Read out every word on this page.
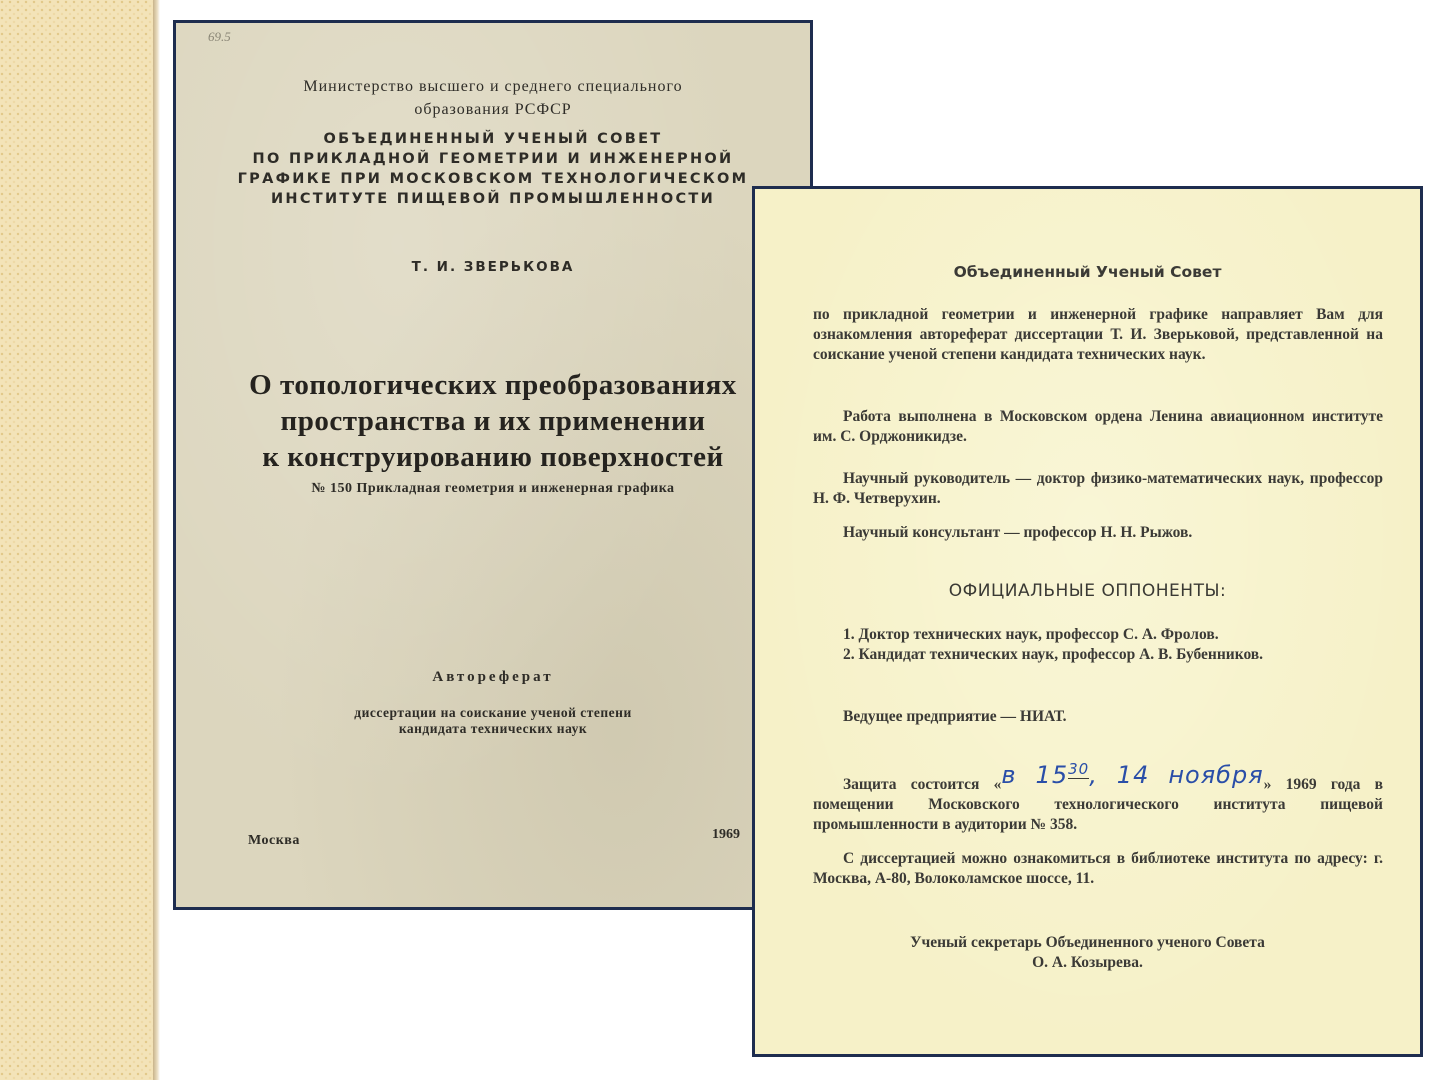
69.5
Министерство высшего и среднего специального
образования РСФСР
ОБЪЕДИНЕННЫЙ УЧЕНЫЙ СОВЕТ
ПО ПРИКЛАДНОЙ ГЕОМЕТРИИ И ИНЖЕНЕРНОЙ
ГРАФИКЕ ПРИ МОСКОВСКОМ ТЕХНОЛОГИЧЕСКОМ
ИНСТИТУТЕ ПИЩЕВОЙ ПРОМЫШЛЕННОСТИ
Т. И. ЗВЕРЬКОВА
О топологических преобразованиях
пространства и их применении
к конструированию поверхностей
№ 150 Прикладная геометрия и инженерная графика
Автореферат
диссертации на соискание ученой степени
кандидата технических наук
Москва	1969
Объединенный Ученый Совет
по прикладной геометрии и инженерной графике направляет Вам для ознакомления автореферат диссертации Т. И. Зверьковой, представленной на соискание ученой степени кандидата технических наук.
Работа выполнена в Московском ордена Ленина авиационном институте им. С. Орджоникидзе.
Научный руководитель — доктор физико-математических наук, профессор Н. Ф. Четверухин.
Научный консультант — профессор Н. Н. Рыжов.
ОФИЦИАЛЬНЫЕ ОППОНЕНТЫ:
1. Доктор технических наук, профессор С. А. Фролов.
2. Кандидат технических наук, профессор А. В. Бубенников.
Ведущее предприятие — НИАТ.
Защита состоится «в $15^{30}$, 14 ноября» 1969 года в помещении Московского технологического института пищевой промышленности в аудитории № 358.
С диссертацией можно ознакомиться в библиотеке института по адресу: г. Москва, А-80, Волоколамское шоссе, 11.
Ученый секретарь Объединенного ученого Совета
О. А. Козырева.
